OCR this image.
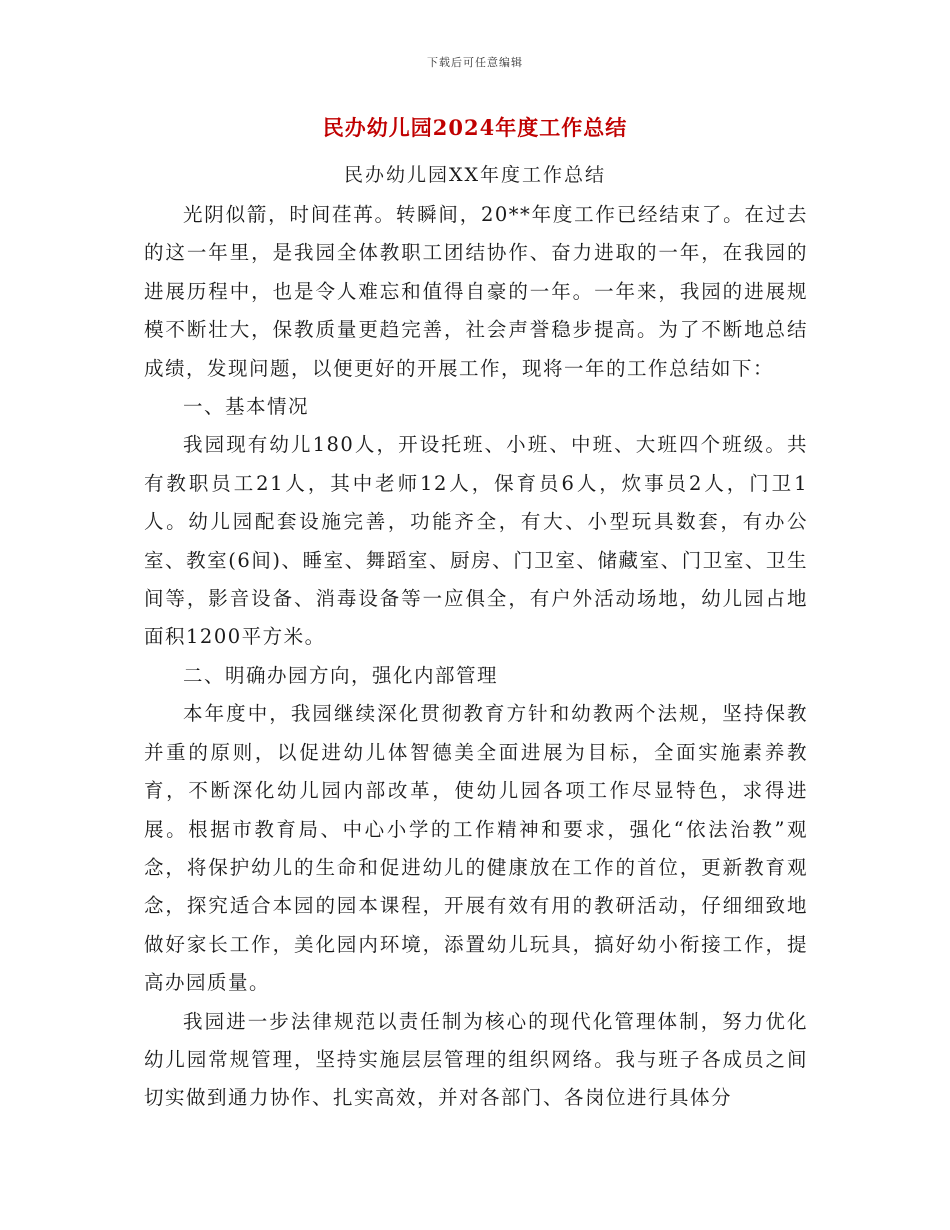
下载后可任意编辑
民办幼儿园2024年度工作总结
民办幼儿园XX年度工作总结

光阴似箭，时间荏苒。转瞬间，20**年度工作已经结束了。在过去的这一年里，是我园全体教职工团结协作、奋力进取的一年，在我园的进展历程中，也是令人难忘和值得自豪的一年。一年来，我园的进展规模不断壮大，保教质量更趋完善，社会声誉稳步提高。为了不断地总结成绩，发现问题，以便更好的开展工作，现将一年的工作总结如下：

一、基本情况

我园现有幼儿180人，开设托班、小班、中班、大班四个班级。共有教职员工21人，其中老师12人，保育员6人，炊事员2人，门卫1人。幼儿园配套设施完善，功能齐全，有大、小型玩具数套，有办公室、教室(6间)、睡室、舞蹈室、厨房、门卫室、储藏室、门卫室、卫生间等，影音设备、消毒设备等一应俱全，有户外活动场地，幼儿园占地面积1200平方米。

二、明确办园方向，强化内部管理

本年度中，我园继续深化贯彻教育方针和幼教两个法规，坚持保教并重的原则，以促进幼儿体智德美全面进展为目标，全面实施素养教育，不断深化幼儿园内部改革，使幼儿园各项工作尽显特色，求得进展。根据市教育局、中心小学的工作精神和要求，强化“依法治教”观念，将保护幼儿的生命和促进幼儿的健康放在工作的首位，更新教育观念，探究适合本园的园本课程，开展有效有用的教研活动，仔细细致地做好家长工作，美化园内环境，添置幼儿玩具，搞好幼小衔接工作，提高办园质量。

我园进一步法律规范以责任制为核心的现代化管理体制，努力优化幼儿园常规管理，坚持实施层层管理的组织网络。我与班子各成员之间切实做到通力协作、扎实高效，并对各部门、各岗位进行具体分
